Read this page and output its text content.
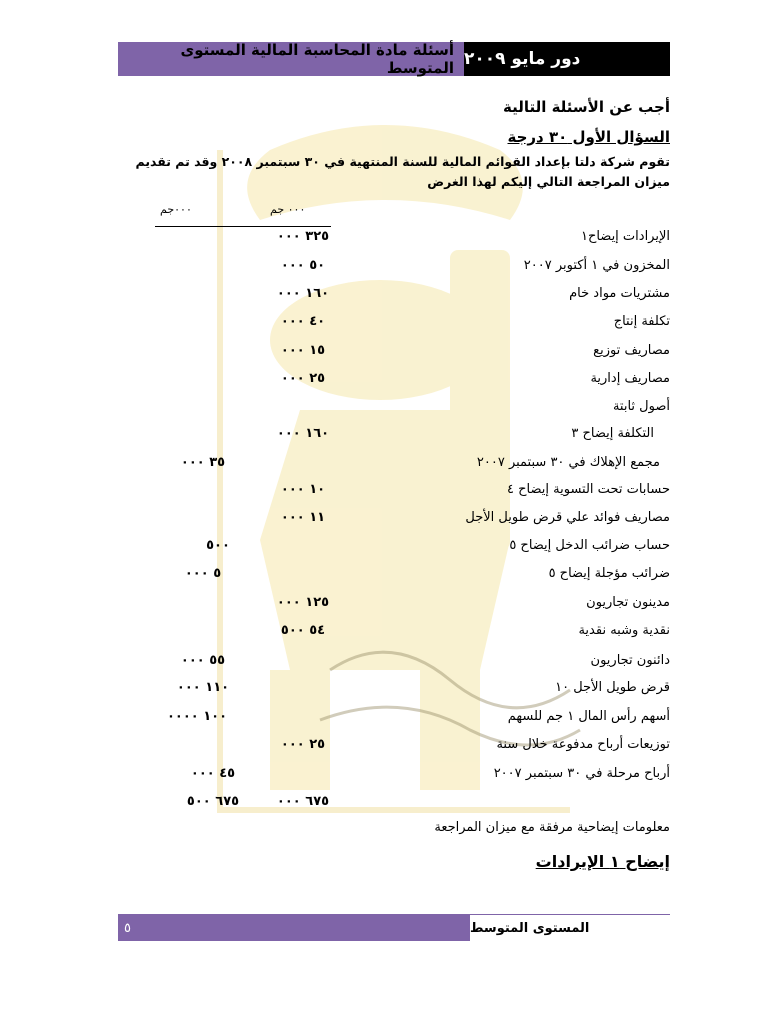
أسئلة مادة المحاسبة المالية المستوى المتوسط دور مايو ٢٠٠٩
أجب عن الأسئلة التالية
السؤال الأول ٣٠ درجة
تقوم شركة دلتا بإعداد القوائم المالية للسنة المنتهية في ٣٠ سبتمبر ٢٠٠٨ وقد تم تقديم ميزان المراجعة التالي إليكم لهذا الغرض
٠٠٠ جم
٠٠٠جم
الإيرادات إيضاح١
٣٢٥ ٠٠٠
المخزون في ١ أكتوبر ٢٠٠٧
٥٠ ٠٠٠
مشتريات مواد خام
١٦٠ ٠٠٠
تكلفة إنتاج
٤٠ ٠٠٠
مصاريف توزيع
١٥ ٠٠٠
مصاريف إدارية
٢٥ ٠٠٠
أصول ثابتة
التكلفة إيضاح ٣
١٦٠ ٠٠٠
مجمع الإهلاك في ٣٠ سبتمبر ٢٠٠٧
٣٥ ٠٠٠
حسابات تحت التسوية إيضاح ٤
١٠ ٠٠٠
مصاريف فوائد علي قرض طويل الأجل
١١ ٠٠٠
حساب ضرائب الدخل إيضاح ٥
٥٠٠
ضرائب مؤجلة إيضاح ٥
٥ ٠٠٠
مدينون تجاريون
١٢٥ ٠٠٠
نقدية وشبه نقدية
٥٤ ٥٠٠
دائنون تجاريون
٥٥ ٠٠٠
قرض طويل الأجل ١٠
١١٠ ٠٠٠
أسهم رأس المال ١ جم للسهم
١٠٠ ٠٠٠٠
توزيعات أرباح مدفوعة خلال سنة
٢٥ ٠٠٠
أرباح مرحلة في ٣٠ سبتمبر ٢٠٠٧
٤٥ ٠٠٠
٦٧٥ ٠٠٠
٦٧٥ ٥٠٠
معلومات إيضاحية مرفقة مع ميزان المراجعة
إيضاح ١ الإيرادات
٥	المستوى المتوسط
